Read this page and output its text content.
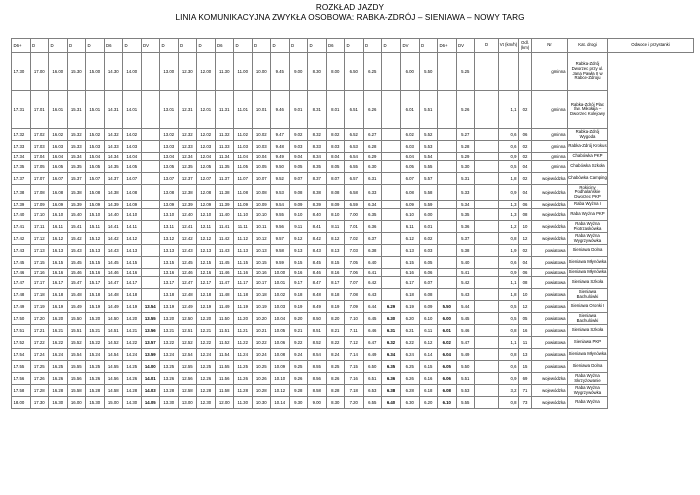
ROZKŁAD JAZDY
LINIA KOMUNIKACYJNA ZWYKŁA OSOBOWA: RABKA-ZDRÓJ – SIENIAWA – NOWY TARG
D6+	D	D	D	D	D6	D	DV	D	D	D	D6	D	D	D	D	D	D6	D	D	D	DV	D	D6+	DV	D	Vt (km/h)	Odl. (km)	Nr	Kat. drogi	Odwoce i przystanki
17.30	17.00	16.00	15.30	15.00	14.30	14.00		13.00	12.30	12.00	11.30	11.00	10.00	9.45	9.00	8.30	8.00	6.50	6.25		6.00	5.50		5.25				gminna	Rabka-Zdrój Dworzec przy ul. Jana Pawła II w Rabce-Zdroju	
17.31	17.01	16.01	15.31	15.01	14.31	14.01		13.01	12.31	12.01	11.31	11.01	10.01	9.46	9.01	8.31	8.01	6.51	6.26		6.01	5.51		5.26		1,1	02	gminna	Rabka-Zdrój Plac Św. Mikołaja – Dworzec Kolejowy	
17.32	17.02	16.02	15.32	15.02	14.32	14.02		13.02	12.32	12.02	11.32	11.02	10.02	9.47	9.02	8.32	8.02	6.52	6.27		6.02	5.52		5.27		0,6	06	gminna	Rabka-Zdrój Wygoda	
17.33	17.03	16.03	15.33	15.03	14.33	14.03		13.03	12.33	12.03	11.33	11.03	10.03	9.48	9.03	8.33	8.03	6.53	6.28		6.03	5.53		5.28		0,6	02	gminna	Rabka-Zdrój Krokus	
17.34	17.04	16.04	15.34	15.04	14.34	14.04		13.04	12.34	12.04	11.34	11.04	10.04	9.49	9.04	8.34	8.04	6.54	6.29		6.04	5.54		5.29		0,9	02	gminna	Chabówka PKP	
17.35	17.05	16.05	15.35	15.05	14.35	14.05		13.05	12.35	12.05	11.35	11.05	10.05	9.50	9.05	8.35	8.05	6.55	6.30		6.05	5.55		5.30		0,5	04	gminna	Chabówka Szkoła	
17.37	17.07	16.07	15.37	15.07	14.37	14.07		13.07	12.37	12.07	11.37	11.07	10.07	9.52	9.07	8.37	8.07	6.57	6.31		6.07	5.57		5.31		1,8	02	wojewódzka	Chabówka Camping	
17.38	17.08	16.08	15.38	15.08	14.38	14.08		13.08	12.38	12.08	11.38	11.08	10.08	9.53	9.08	8.38	8.08	6.58	6.33		6.08	5.58		5.33		0,9	04	wojewódzka	Rokiciny Podhalańskie Dworzec PKP	
17.39	17.09	16.09	15.39	15.09	14.39	14.09		13.09	12.39	12.09	11.39	11.09	10.09	9.54	9.09	8.39	8.09	6.59	6.34		6.09	5.59		5.34		1,3	06	wojewódzka	Raba Wyżna I	
17.40	17.10	16.10	15.40	15.10	14.40	14.10		13.10	12.40	12.10	11.40	11.10	10.10	9.55	9.10	8.40	8.10	7.00	6.35		6.10	6.00		5.35		1,3	08	wojewódzka	Raba Wyżna PKP	
17.41	17.11	16.11	15.41	15.11	14.41	14.11		13.11	12.41	12.11	11.41	11.11	10.11	9.56	9.11	8.41	8.11	7.01	6.36		6.11	6.01		5.36		1,2	10	wojewódzka	Raba Wyżna Piotrzaskówka	
17.42	17.12	16.12	15.42	15.12	14.42	14.12		13.12	12.42	12.12	11.42	11.12	10.12	9.57	9.12	8.42	8.12	7.02	6.37		6.12	6.02		5.37		0,8	12	wojewódzka	Raba Wyżna Wygrzywówka	
17.43	17.13	16.13	15.43	15.13	14.43	14.13		13.13	12.43	12.13	11.43	11.13	10.13	9.58	9.13	8.43	8.13	7.03	6.38		6.13	6.03		5.38		1,9	02	powiatowa	Sieniawa Dolna	
17.45	17.15	16.15	15.45	15.15	14.45	14.15		13.15	12.45	12.15	11.45	11.15	10.15	9.59	9.15	8.45	8.15	7.05	6.40		6.15	6.05		5.40		0,6	04	powiatowa	Sieniawa Młynówka	
17.46	17.16	16.16	15.46	15.16	14.46	14.16		13.16	12.46	12.16	11.46	11.16	10.16	10.00	9.16	8.46	8.16	7.06	6.41		6.16	6.06		5.41		0,9	06	powiatowa	Sieniawa Młynówka	
17.47	17.17	16.17	15.47	15.17	14.47	14.17		13.17	12.47	12.17	11.47	11.17	10.17	10.01	9.17	8.47	8.17	7.07	6.42		6.17	6.07		5.42		1,1	08	powiatowa	Sieniawa Szkoła	
17.48	17.18	16.18	15.48	15.18	14.48	14.18		13.18	12.48	12.18	11.48	11.18	10.18	10.02	9.18	8.48	8.18	7.08	6.43		6.18	6.08		5.43		1,8	10	powiatowa	Sieniawa Bachulówki	
17.49	17.19	16.19	15.49	15.19	14.49	14.19	13.54	13.19	12.49	12.19	11.49	11.19	10.19	10.03	9.19	8.49	8.19	7.09	6.44	6.29	6.19	6.09	5.50	5.44		0,5	12	powiatowa	Sieniawa Oronki I	
17.50	17.20	16.20	15.50	15.20	14.50	14.20	13.55	13.20	12.50	12.20	11.50	11.20	10.20	10.04	9.20	8.50	8.20	7.10	6.45	6.30	6.20	6.10	6.00	5.45		0,5	05	powiatowa	Sieniawa Bachulówki	
17.51	17.21	16.21	15.51	15.21	14.51	14.21	13.56	13.21	12.51	12.21	11.51	11.21	10.21	10.05	9.21	8.51	8.21	7.11	6.46	6.31	6.21	6.11	6.01	5.46		0,8	16	powiatowa	Sieniawa Szkoła	
17.52	17.22	16.22	15.52	15.22	14.52	14.22	13.57	13.22	12.52	12.22	11.52	11.22	10.22	10.06	9.22	8.52	8.22	7.12	6.47	6.32	6.22	6.12	6.02	5.47		1,1	11	powiatowa	Sieniawa PKP	
17.54	17.24	16.24	15.54	15.24	14.54	14.24	13.59	13.24	12.54	12.24	11.54	11.24	10.24	10.08	9.24	8.54	8.24	7.14	6.49	6.34	6.24	6.14	6.04	5.49		0,8	13	powiatowa	Sieniawa Młynówka	
17.55	17.25	16.25	15.55	15.25	14.55	14.25	14.00	13.25	12.55	12.25	11.55	11.25	10.25	10.09	9.25	8.55	8.25	7.15	6.50	6.35	6.25	6.15	6.05	5.50		0,6	15	powiatowa	Sieniawa Dolna	
17.56	17.26	16.26	15.56	15.26	14.56	14.26	14.01	13.26	12.56	12.26	11.56	11.26	10.26	10.10	9.26	8.56	8.26	7.16	6.51	6.36	6.26	6.16	6.06	5.51		0,9	69	wojewódzka	Raba Wyżna Skrzyżowanie	
17.58	17.28	16.28	15.58	15.28	14.58	14.28	14.03	13.28	12.58	12.28	11.58	11.28	10.28	10.12	9.28	8.58	8.28	7.18	6.53	6.38	6.28	6.18	6.08	5.53		3,2	71	wojewódzka	Raba Wyżna Wygrzywówka	
18.00	17.30	16.30	16.00	15.30	15.00	14.30	14.05	13.30	13.00	12.30	12.00	11.30	10.30	10.14	9.30	9.00	8.30	7.20	6.55	6.40	6.30	6.20	6.10	5.55		0,8	73	wojewódzka	Raba Wyżna	
